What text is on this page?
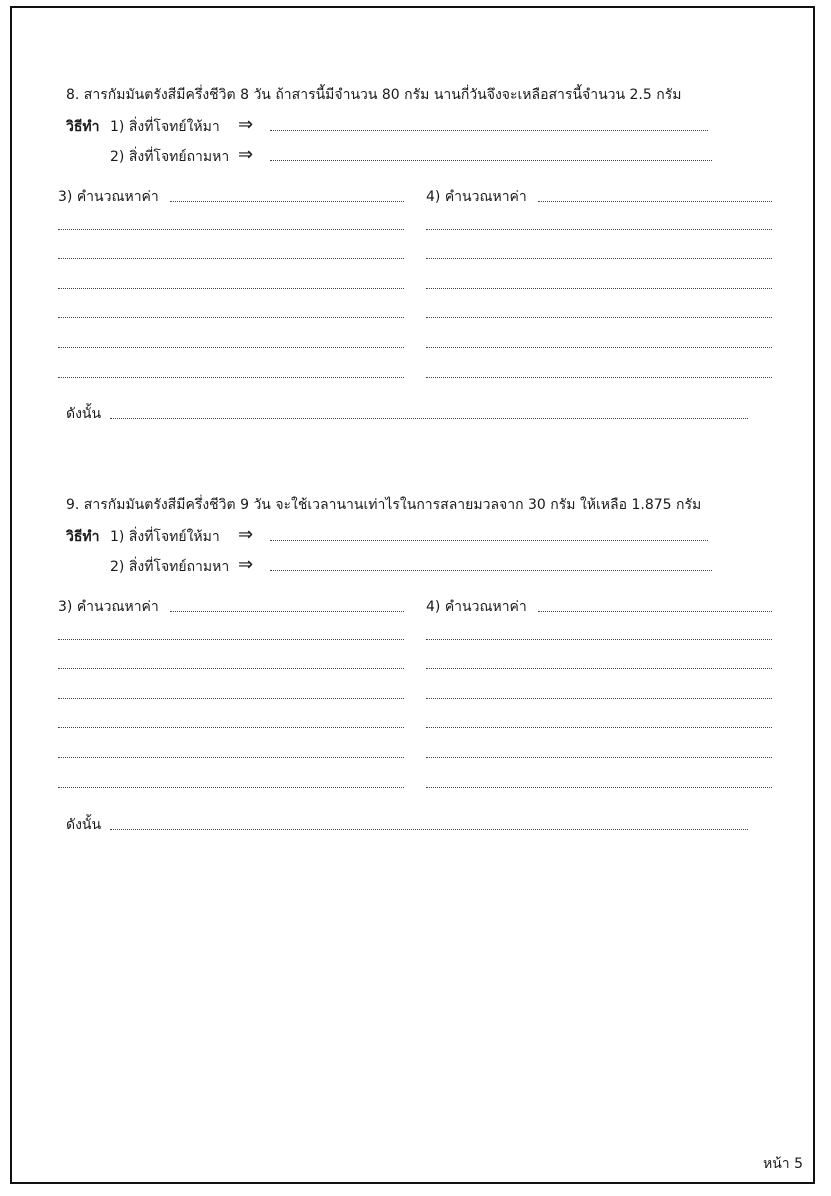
8. สารกัมมันตรังสีมีครึ่งชีวิต 8 วัน ถ้าสารนี้มีจำนวน 80 กรัม นานกี่วันจึงจะเหลือสารนี้จำนวน 2.5 กรัม
วิธีทำ 1) สิ่งที่โจทย์ให้มา ⇒
2) สิ่งที่โจทย์ถามหา ⇒
3) คำนวณหาค่า	4) คำนวณหาค่า
ดังนั้น
9. สารกัมมันตรังสีมีครึ่งชีวิต 9 วัน จะใช้เวลานานเท่าไรในการสลายมวลจาก 30 กรัม ให้เหลือ 1.875 กรัม
วิธีทำ 1) สิ่งที่โจทย์ให้มา ⇒
2) สิ่งที่โจทย์ถามหา ⇒
3) คำนวณหาค่า	4) คำนวณหาค่า
ดังนั้น
หน้า 5
